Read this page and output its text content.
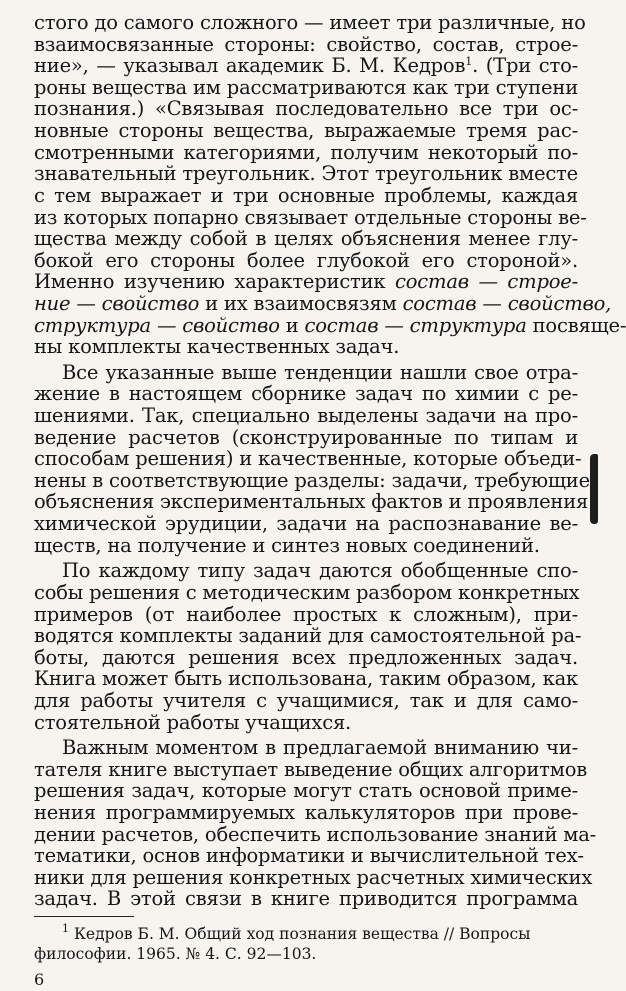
стого до самого сложного — имеет три различные, но
взаимосвязанные стороны: свойство, состав, строе-
ние», — указывал академик Б. М. Кедров$^1$. (Три сто-
роны вещества им рассматриваются как три ступени
познания.) «Связывая последовательно все три ос-
новные стороны вещества, выражаемые тремя рас-
смотренными категориями, получим некоторый по-
знавательный треугольник. Этот треугольник вместе
с тем выражает и три основные проблемы, каждая
из которых попарно связывает отдельные стороны ве-
щества между собой в целях объяснения менее глу-
бокой его стороны более глубокой его стороной».
Именно изучению характеристик состав — строе-
ние — свойство и их взаимосвязям состав — свойство,
структура — свойство и состав — структура посвяще-
ны комплекты качественных задач.
Все указанные выше тенденции нашли свое отра-
жение в настоящем сборнике задач по химии с ре-
шениями. Так, специально выделены задачи на про-
ведение расчетов (сконструированные по типам и
способам решения) и качественные, которые объеди-
нены в соответствующие разделы: задачи, требующие
объяснения экспериментальных фактов и проявления
химической эрудиции, задачи на распознавание ве-
ществ, на получение и синтез новых соединений.
По каждому типу задач даются обобщенные спо-
собы решения с методическим разбором конкретных
примеров (от наиболее простых к сложным), при-
водятся комплекты заданий для самостоятельной ра-
боты, даются решения всех предложенных задач.
Книга может быть использована, таким образом, как
для работы учителя с учащимися, так и для само-
стоятельной работы учащихся.
Важным моментом в предлагаемой вниманию чи-
тателя книге выступает выведение общих алгоритмов
решения задач, которые могут стать основой приме-
нения программируемых калькуляторов при прове-
дении расчетов, обеспечить использование знаний ма-
тематики, основ информатики и вычислительной тех-
ники для решения конкретных расчетных химических
задач. В этой связи в книге приводится программа
$^1$ Кедров Б. М. Общий ход познания вещества // Вопросы
философии. 1965. № 4. С. 92—103.
6
